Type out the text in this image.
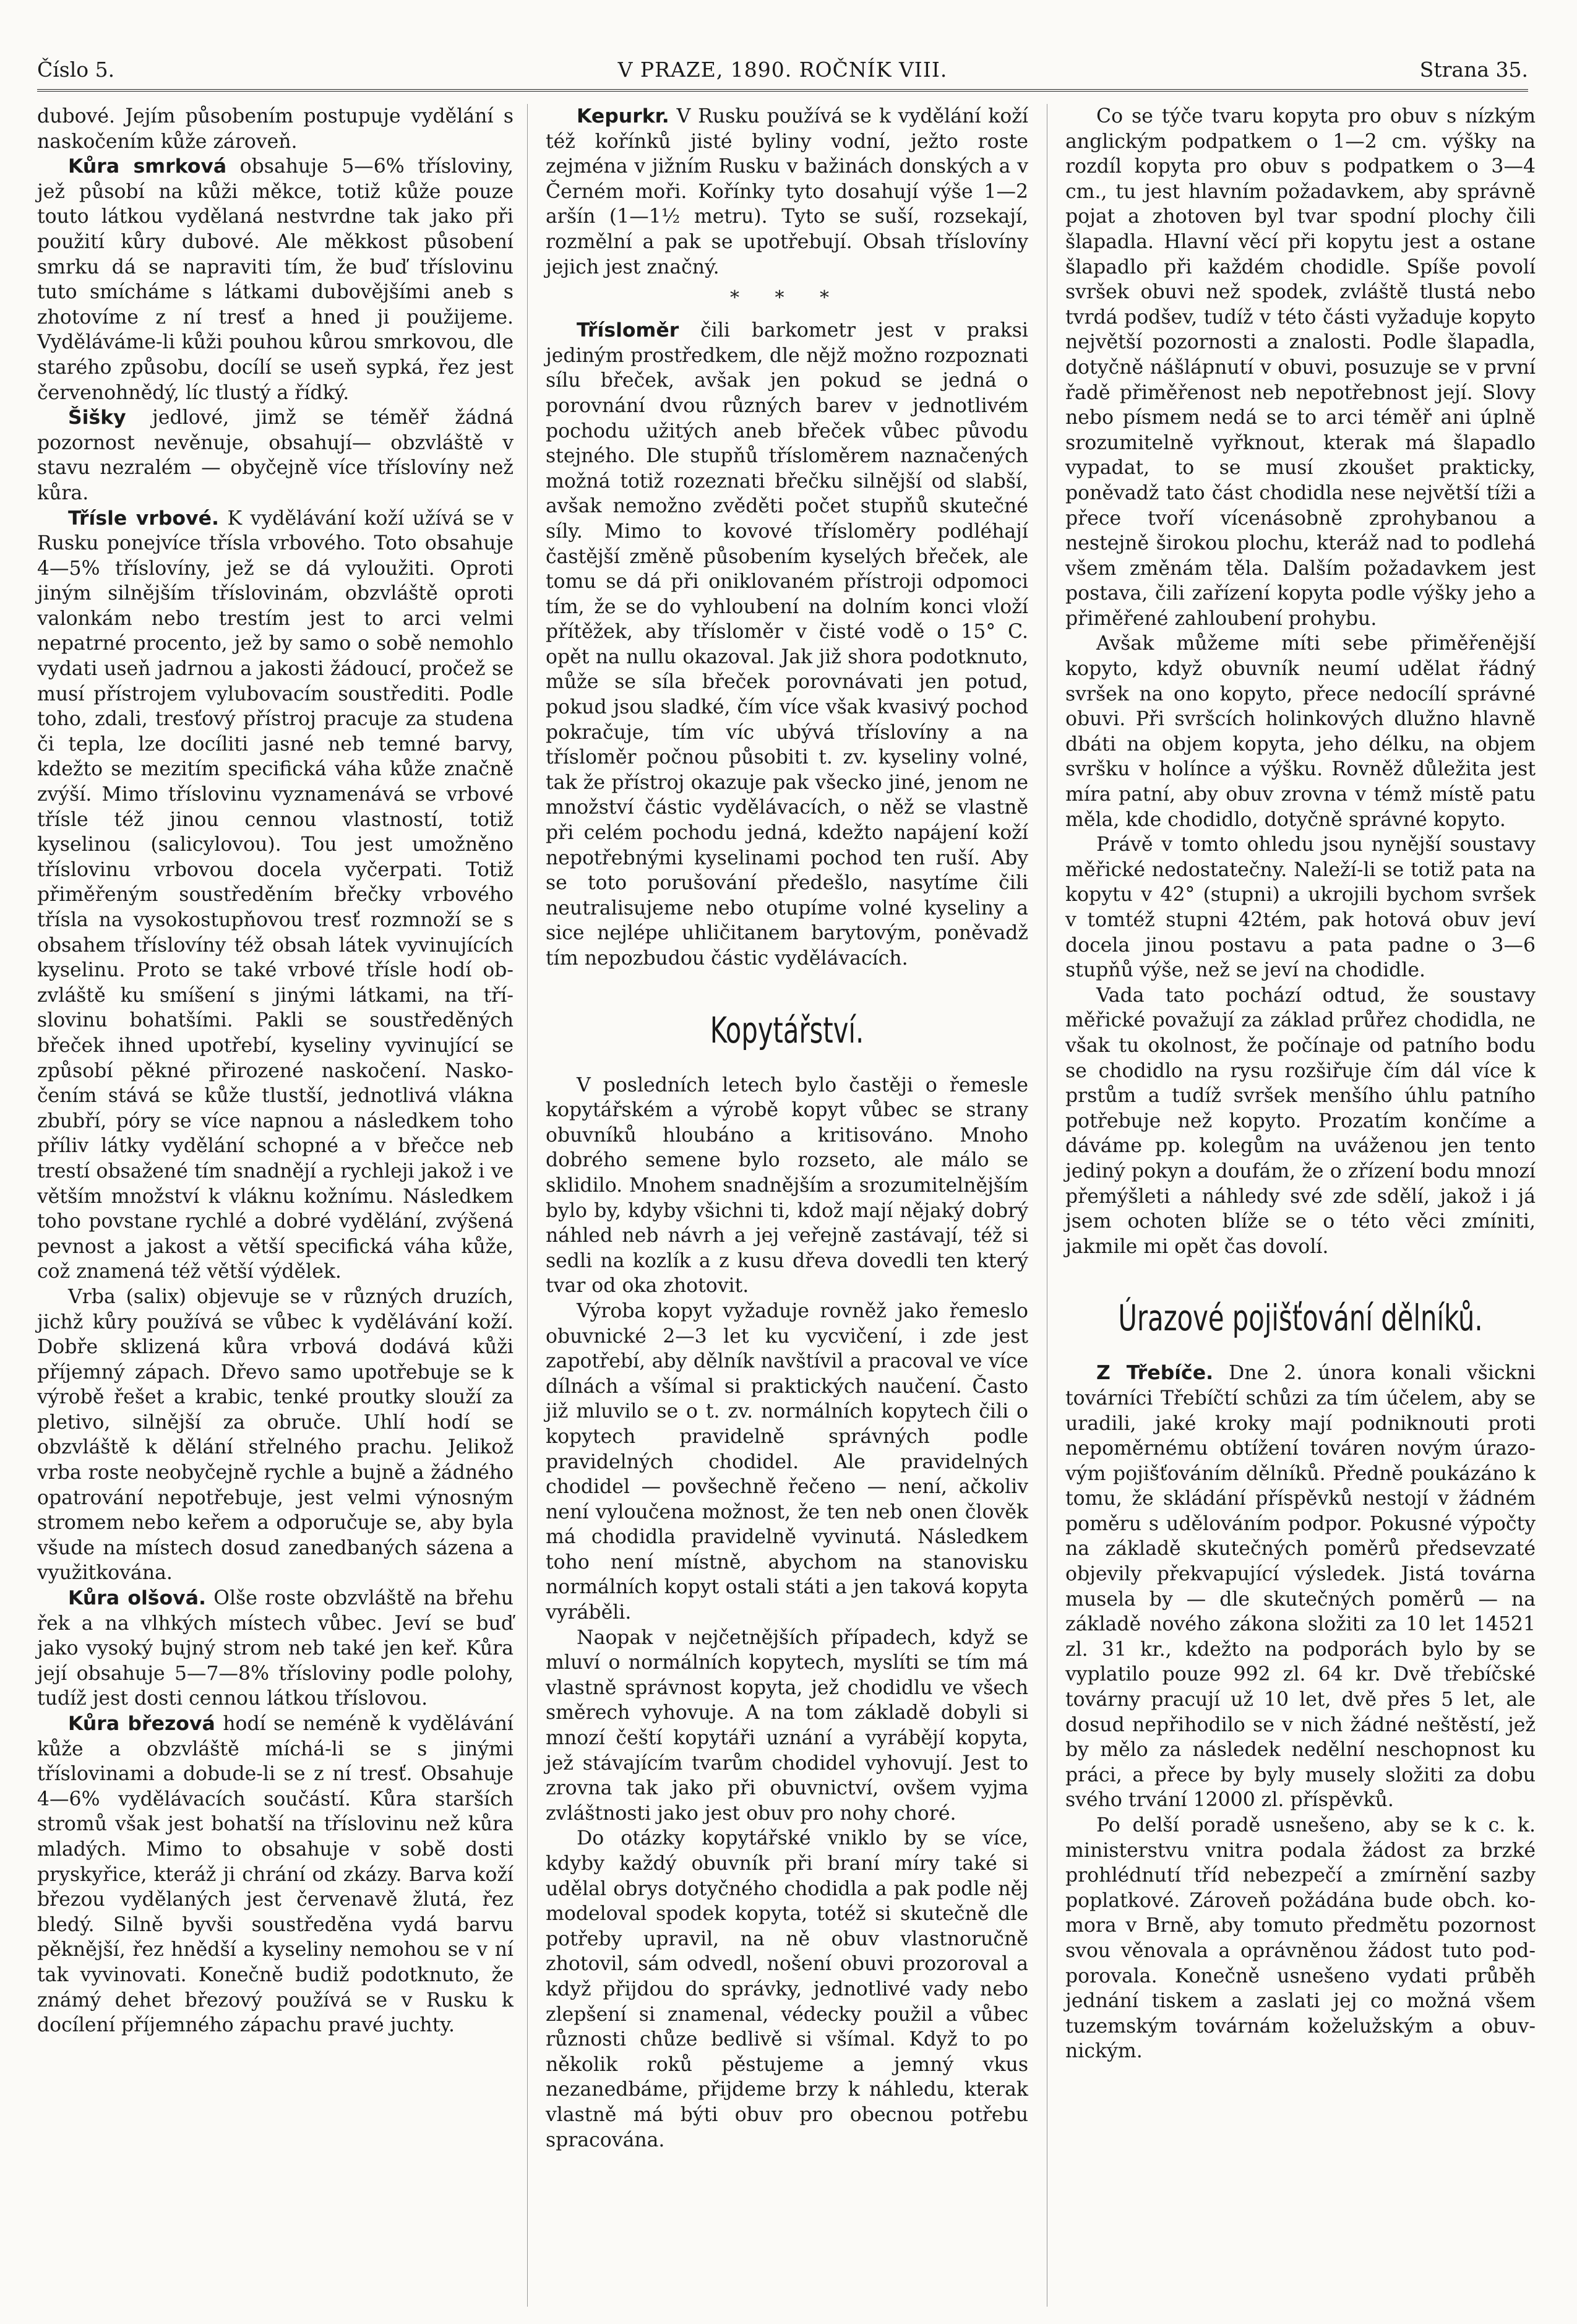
Číslo 5.	V PRAZE, 1890. ROČNÍK VIII.	Strana 35.

dubové. Jejím působením postupuje vydělání s naskočením kůže zároveň.

Kůra smrková obsahuje 5—6% třísloviny, jež působí na kůži měkce, totiž kůže pouze touto látkou vydělaná nestvrdne tak jako při použití kůry dubové. Ale měkkost působení smrku dá se napraviti tím, že buď tříslovinu tuto smícháme s látkami dubovějšími aneb s zhotovíme z ní tresť a hned ji použijeme. Vyděláváme-li kůži pouhou kůrou smrkovou, dle starého způsobu, docílí se useň sypká, řez jest červenohnědý, líc tlustý a řídký.

Šišky jedlové, jimž se téměř žádná pozornost nevěnuje, obsahují— obzvláště v stavu nezralém — obyčejně více tříslovíny než kůra.

Třísle vrbové. K vydělávání koží užívá se v Rusku ponejvíce třísla vrbového. Toto obsahuje 4—5% tříslovíny, jež se dá vyloužiti. Oproti jiným silnějším tříslovinám, obzvláště oproti valonkám nebo trestím jest to arci velmi nepatrné procento, jež by samo o sobě nemohlo vydati useň jadrnou a jakosti žádoucí, pročež se musí přístrojem vylubovacím soustřediti. Podle toho, zdali, tresťový přístroj pracuje za studena či tepla, lze docíliti jasné neb temné barvy, kdežto se mezitím specifická váha kůže značně zvýší. Mimo tříslovinu vyznamenává se vrbové třísle též jinou cennou vlastností, totiž kyselinou (salicylovou). Tou jest umožněno tříslovinu vrbovou docela vyčerpati. Totiž přiměřeným soustředěním břečky vrbového třísla na vysokostupňovou tresť rozmnoží se s obsahem tříslovíny též obsah látek vyvinujících kyselinu. Proto se také vrbové třísle hodí obzvláště ku smíšení s jinými látkami, na tříslovinu bohatšími. Pakli se soustředěných břeček ihned upotřebí, kyseliny vyvinující se způsobí pěkné přirozené naskočení. Naskočením stává se kůže tlustší, jednotlivá vlákna zbubří, póry se více napnou a následkem toho příliv látky vydělání schopné a v břečce neb trestí obsažené tím snadnějí a rychleji jakož i ve větším množství k vláknu kožnímu. Následkem toho povstane rychlé a dobré vydělání, zvýšená pevnost a jakost a větší specifická váha kůže, což znamená též větší výdělek.

Vrba (salix) objevuje se v různých druzích, jichž kůry používá se vůbec k vydělávání koží. Dobře sklizená kůra vrbová dodává kůži příjemný zápach. Dřevo samo upotřebuje se k výrobě řešet a krabic, tenké proutky slouží za pletivo, silnější za obruče. Uhlí hodí se obzvláště k dělání střelného prachu. Jelikož vrba roste neobyčejně rychle a bujně a žádného opatrování nepotřebuje, jest velmi výnosným stromem nebo keřem a odporučuje se, aby byla všude na místech dosud zanedbaných sázena a využitkována.

Kůra olšová. Olše roste obzvláště na břehu řek a na vlhkých místech vůbec. Jeví se buď jako vysoký bujný strom neb také jen keř. Kůra její obsahuje 5—7—8% třísloviny podle polohy, tudíž jest dosti cennou látkou tříslovou.

Kůra březová hodí se neméně k vydělávání kůže a obzvláště míchá-li se s jinými tříslovinami a dobude-li se z ní tresť. Obsahuje 4—6% vydělávacích součástí. Kůra starších stromů však jest bohatší na tříslovinu než kůra mladých. Mimo to obsahuje v sobě dosti pryskyřice, kteráž ji chrání od zkázy. Barva koží březou vydělaných jest červenavě žlutá, řez bledý. Silně byvši soustředěna vydá barvu pěknější, řez hnědší a kyseliny nemohou se v ní tak vyvinovati. Konečně budiž podotknuto, že známý dehet březový používá se v Rusku k docílení příjemného zápachu pravé juchty.

Kepurkr. V Rusku používá se k vydělání koží též kořínků jisté byliny vodní, ježto roste zejména v jižním Rusku v bažinách donských a v Černém moři. Kořínky tyto dosahují výše 1—2 aršín (1—1½ metru). Tyto se suší, rozsekají, rozmělní a pak se upotřebují. Obsah tříslovíny jejich jest značný.

* * *

Třísloměr čili barkometr jest v praksi jediným prostředkem, dle nějž možno rozpoznati sílu břeček, avšak jen pokud se jedná o porovnání dvou různých barev v jednotlivém pochodu užitých aneb břeček vůbec původu stejného. Dle stupňů třísloměrem naznačených možná totiž rozeznati břečku silnější od slabší, avšak nemožno zvěděti počet stupňů skutečné síly. Mimo to kovové třísloměry podléhají častější změně působením kyselých břeček, ale tomu se dá při oniklovaném přístroji odpomoci tím, že se do vyhloubení na dolním konci vloží přítěžek, aby třísloměr v čisté vodě o 15° C. opět na nullu okazoval. Jak již shora podotknuto, může se síla břeček porovnávati jen potud, pokud jsou sladké, čím více však kvasivý pochod pokračuje, tím víc ubývá tříslovíny a na třísloměr počnou působiti t. zv. kyseliny volné, tak že přístroj okazuje pak všecko jiné, jenom ne množství částic vydělávacích, o něž se vlastně při celém pochodu jedná, kdežto napájení koží nepotřebnými kyselinami pochod ten ruší. Aby se toto porušování předešlo, nasytíme čili neutralisujeme nebo otupíme volné kyseliny a sice nejlépe uhličitanem barytovým, poněvadž tím nepozbudou částic vydělávacích.

Kopytářství.

V posledních letech bylo častěji o řemesle kopytářském a výrobě kopyt vůbec se strany obuvníků hloubáno a kritisováno. Mnoho dobrého semene bylo rozseto, ale málo se sklidilo. Mnohem snadnějším a srozumitelnějším bylo by, kdyby všichni ti, kdož mají nějaký dobrý náhled neb návrh a jej veřejně zastávají, též si sedli na kozlík a z kusu dřeva dovedli ten který tvar od oka zhotovit.

Výroba kopyt vyžaduje rovněž jako řemeslo obuvnické 2—3 let ku vycvičení, i zde jest zapotřebí, aby dělník navštívil a pracoval ve více dílnách a všímal si praktických naučení. Často již mluvilo se o t. zv. normálních kopytech čili o kopytech pravidelně správných podle pravidelných chodidel. Ale pravidelných chodidel — povšechně řečeno — není, ačkoliv není vyloučena možnost, že ten neb onen člověk má chodidla pravidelně vyvinutá. Následkem toho není místně, abychom na stanovisku normálních kopyt ostali státi a jen taková kopyta vyráběli.

Naopak v nejčetnějších případech, když se mluví o normálních kopytech, myslíti se tím má vlastně správnost kopyta, jež chodidlu ve všech směrech vyhovuje. A na tom základě dobyli si mnozí čeští kopytáři uznání a vyrábějí kopyta, jež stávajícím tvarům chodidel vyhovují. Jest to zrovna tak jako při obuvnictví, ovšem vyjma zvláštnosti jako jest obuv pro nohy choré.

Do otázky kopytářské vniklo by se více, kdyby každý obuvník při braní míry také si udělal obrys dotyčného chodidla a pak podle něj modeloval spodek kopyta, totéž si skutečně dle potřeby upravil, na ně obuv vlastnoručně zhotovil, sám odvedl, nošení obuvi prozoroval a když přijdou do správky, jednotlivé vady nebo zlepšení si znamenal, védecky použil a vůbec různosti chůze bedlivě si všímal. Když to po několik roků pěstujeme a jemný vkus nezanedbáme, přijdeme brzy k náhledu, kterak vlastně má býti obuv pro obecnou potřebu spracována.

Co se týče tvaru kopyta pro obuv s nízkým anglickým podpatkem o 1—2 cm. výšky na rozdíl kopyta pro obuv s podpatkem o 3—4 cm., tu jest hlavním požadavkem, aby správně pojat a zhotoven byl tvar spodní plochy čili šlapadla. Hlavní věcí při kopytu jest a ostane šlapadlo při každém chodidle. Spíše povolí svršek obuvi než spodek, zvláště tlustá nebo tvrdá podšev, tudíž v této části vyžaduje kopyto největší pozornosti a znalosti. Podle šlapadla, dotyčně nášlápnutí v obuvi, posuzuje se v první řadě přiměřenost neb nepotřebnost její. Slovy nebo písmem nedá se to arci téměř ani úplně srozumitelně vyřknout, kterak má šlapadlo vypadat, to se musí zkoušet prakticky, poněvadž tato část chodidla nese největší tíži a přece tvoří vícenásobně zprohybanou a nestejně širokou plochu, kteráž nad to podlehá všem změnám těla. Dalším požadavkem jest postava, čili zařízení kopyta podle výšky jeho a přiměřené zahloubení prohybu.

Avšak můžeme míti sebe přiměřenější kopyto, když obuvník neumí udělat řádný svršek na ono kopyto, přece nedocílí správné obuvi. Při svršcích holinkových dlužno hlavně dbáti na objem kopyta, jeho délku, na objem svršku v holínce a výšku. Rovněž důležita jest míra patní, aby obuv zrovna v témž místě patu měla, kde chodidlo, dotyčně správné kopyto.

Právě v tomto ohledu jsou nynější soustavy měřické nedostatečny. Naleží-li se totiž pata na kopytu v 42° (stupni) a ukrojili bychom svršek v tomtéž stupni 42tém, pak hotová obuv jeví docela jinou postavu a pata padne o 3—6 stupňů výše, než se jeví na chodidle.

Vada tato pochází odtud, že soustavy měřické považují za základ průřez chodidla, ne však tu okolnost, že počínaje od patního bodu se chodidlo na rysu rozšiřuje čím dál více k prstům a tudíž svršek menšího úhlu patního potřebuje než kopyto. Prozatím končíme a dáváme pp. kolegům na uváženou jen tento jediný pokyn a doufám, že o zřízení bodu mnozí přemýšleti a náhledy své zde sdělí, jakož i já jsem ochoten blíže se o této věci zmíniti, jakmile mi opět čas dovolí.

Úrazové pojišťování dělníků.

Z Třebíče. Dne 2. února konali všickni továrníci Třebíčtí schůzi za tím účelem, aby se uradili, jaké kroky mají podniknouti proti nepoměrnému obtížení továren novým úrazovým pojišťováním dělníků. Předně poukázáno k tomu, že skládání příspěvků nestojí v žádném poměru s udělováním podpor. Pokusné výpočty na základě skutečných poměrů předsevzaté objevily překvapující výsledek. Jistá továrna musela by — dle skutečných poměrů — na základě nového zákona složiti za 10 let 14521 zl. 31 kr., kdežto na podporách bylo by se vyplatilo pouze 992 zl. 64 kr. Dvě třebíčské továrny pracují už 10 let, dvě přes 5 let, ale dosud nepřihodilo se v nich žádné neštěstí, jež by mělo za následek nedělní neschopnost ku práci, a přece by byly musely složiti za dobu svého trvání 12000 zl. příspěvků.

Po delší poradě usnešeno, aby se k c. k. ministerstvu vnitra podala žádost za brzké prohlédnutí tříd nebezpečí a zmírnění sazby poplatkové. Zároveň požádána bude obch. komora v Brně, aby tomuto předmětu pozornost svou věnovala a oprávněnou žádost tuto podporovala. Konečně usnešeno vydati průběh jednání tiskem a zaslati jej co možná všem tuzemským továrnám koželužským a obuvnickým.
